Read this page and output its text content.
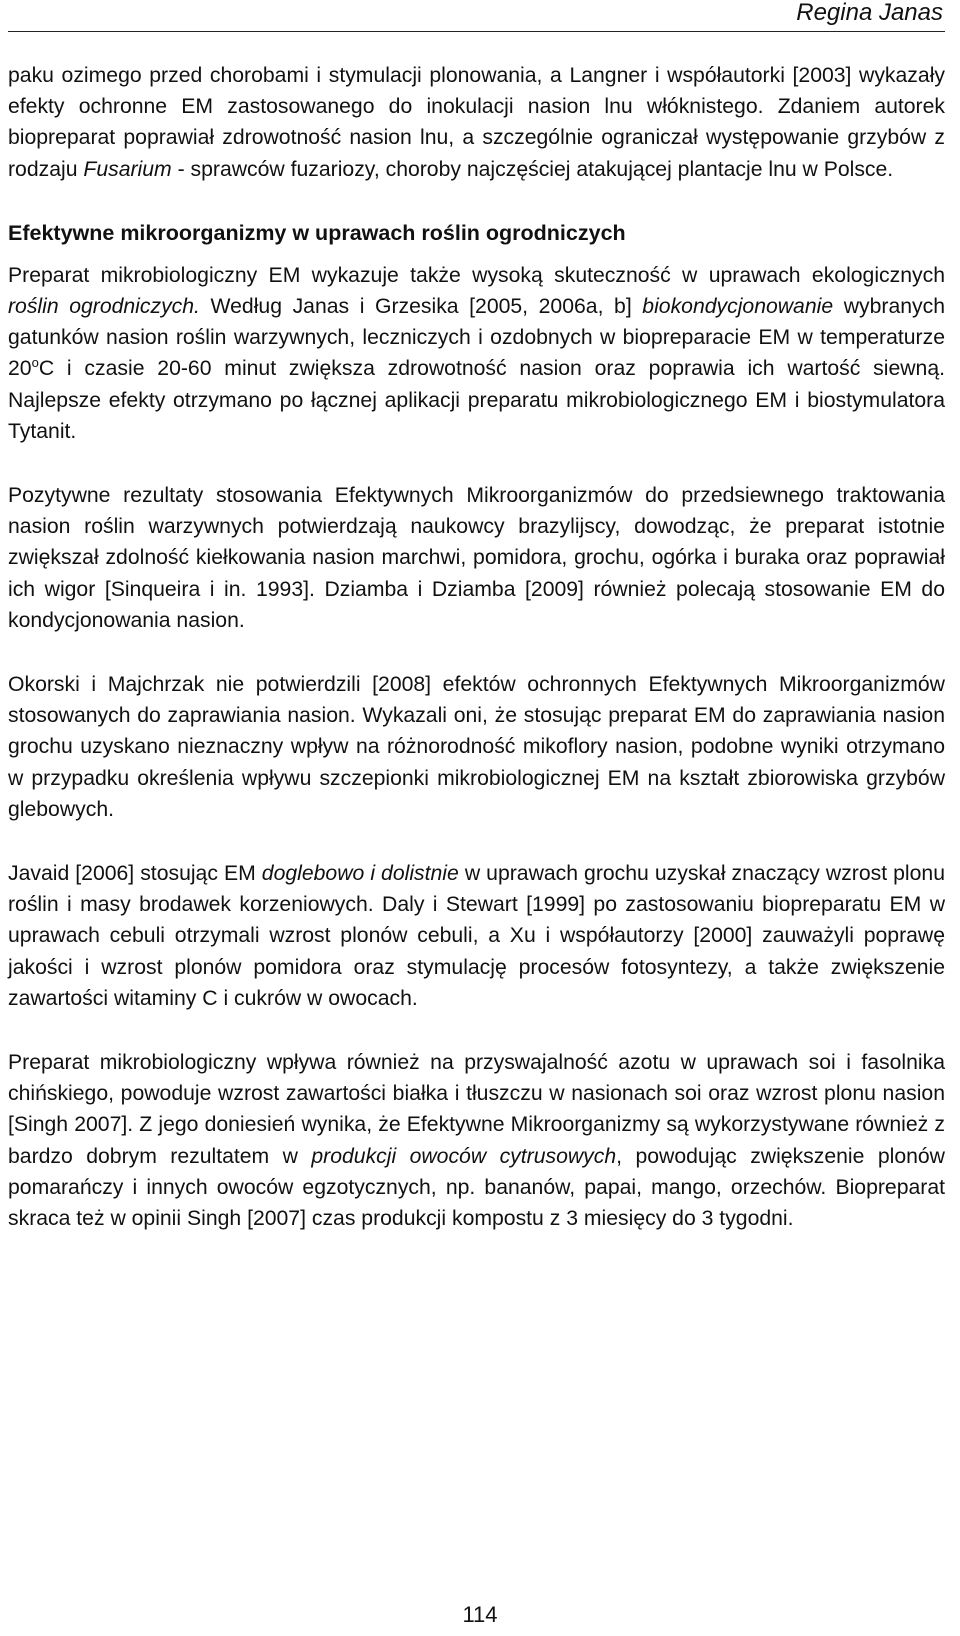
Regina Janas

paku ozimego przed chorobami i stymulacji plonowania, a Langner i współautorki [2003] wykazały efekty ochronne EM zastosowanego do inokulacji nasion lnu włóknistego. Zdaniem autorek biopreparat poprawiał zdrowotność nasion lnu, a szczególnie ograniczał występowanie grzybów z rodzaju Fusarium - sprawców fuzariozy, choroby najczęściej atakującej plantacje lnu w Polsce.

Efektywne mikroorganizmy w uprawach roślin ogrodniczych

Preparat mikrobiologiczny EM wykazuje także wysoką skuteczność w uprawach ekologicznych roślin ogrodniczych. Według Janas i Grzesika [2005, 2006a, b] biokondycjonowanie wybranych gatunków nasion roślin warzywnych, leczniczych i ozdobnych w biopreparacie EM w temperaturze 20$^o$C i czasie 20-60 minut zwiększa zdrowotność nasion oraz poprawia ich wartość siewną. Najlepsze efekty otrzymano po łącznej aplikacji preparatu mikrobiologicznego EM i biostymulatora Tytanit.

Pozytywne rezultaty stosowania Efektywnych Mikroorganizmów do przedsiewnego traktowania nasion roślin warzywnych potwierdzają naukowcy brazylijscy, dowodząc, że preparat istotnie zwiększał zdolność kiełkowania nasion marchwi, pomidora, grochu, ogórka i buraka oraz poprawiał ich wigor [Sinqueira i in. 1993]. Dziamba i Dziamba [2009] również polecają stosowanie EM do kondycjonowania nasion.

Okorski i Majchrzak nie potwierdzili [2008] efektów ochronnych Efektywnych Mikroorganizmów stosowanych do zaprawiania nasion. Wykazali oni, że stosując preparat EM do zaprawiania nasion grochu uzyskano nieznaczny wpływ na różnorodność mikoflory nasion, podobne wyniki otrzymano w przypadku określenia wpływu szczepionki mikrobiologicznej EM na kształt zbiorowiska grzybów glebowych.

Javaid [2006] stosując EM doglebowo i dolistnie w uprawach grochu uzyskał znaczący wzrost plonu roślin i masy brodawek korzeniowych. Daly i Stewart [1999] po zastosowaniu biopreparatu EM w uprawach cebuli otrzymali wzrost plonów cebuli, a Xu i współautorzy [2000] zauważyli poprawę jakości i wzrost plonów pomidora oraz stymulację procesów fotosyntezy, a także zwiększenie zawartości witaminy C i cukrów w owocach.

Preparat mikrobiologiczny wpływa również na przyswajalność azotu w uprawach soi i fasolnika chińskiego, powoduje wzrost zawartości białka i tłuszczu w nasionach soi oraz wzrost plonu nasion [Singh 2007]. Z jego doniesień wynika, że Efektywne Mikroorganizmy są wykorzystywane również z bardzo dobrym rezultatem w produkcji owoców cytrusowych, powodując zwiększenie plonów pomarańczy i innych owoców egzotycznych, np. bananów, papai, mango, orzechów. Biopreparat skraca też w opinii Singh [2007] czas produkcji kompostu z 3 miesięcy do 3 tygodni.

114
